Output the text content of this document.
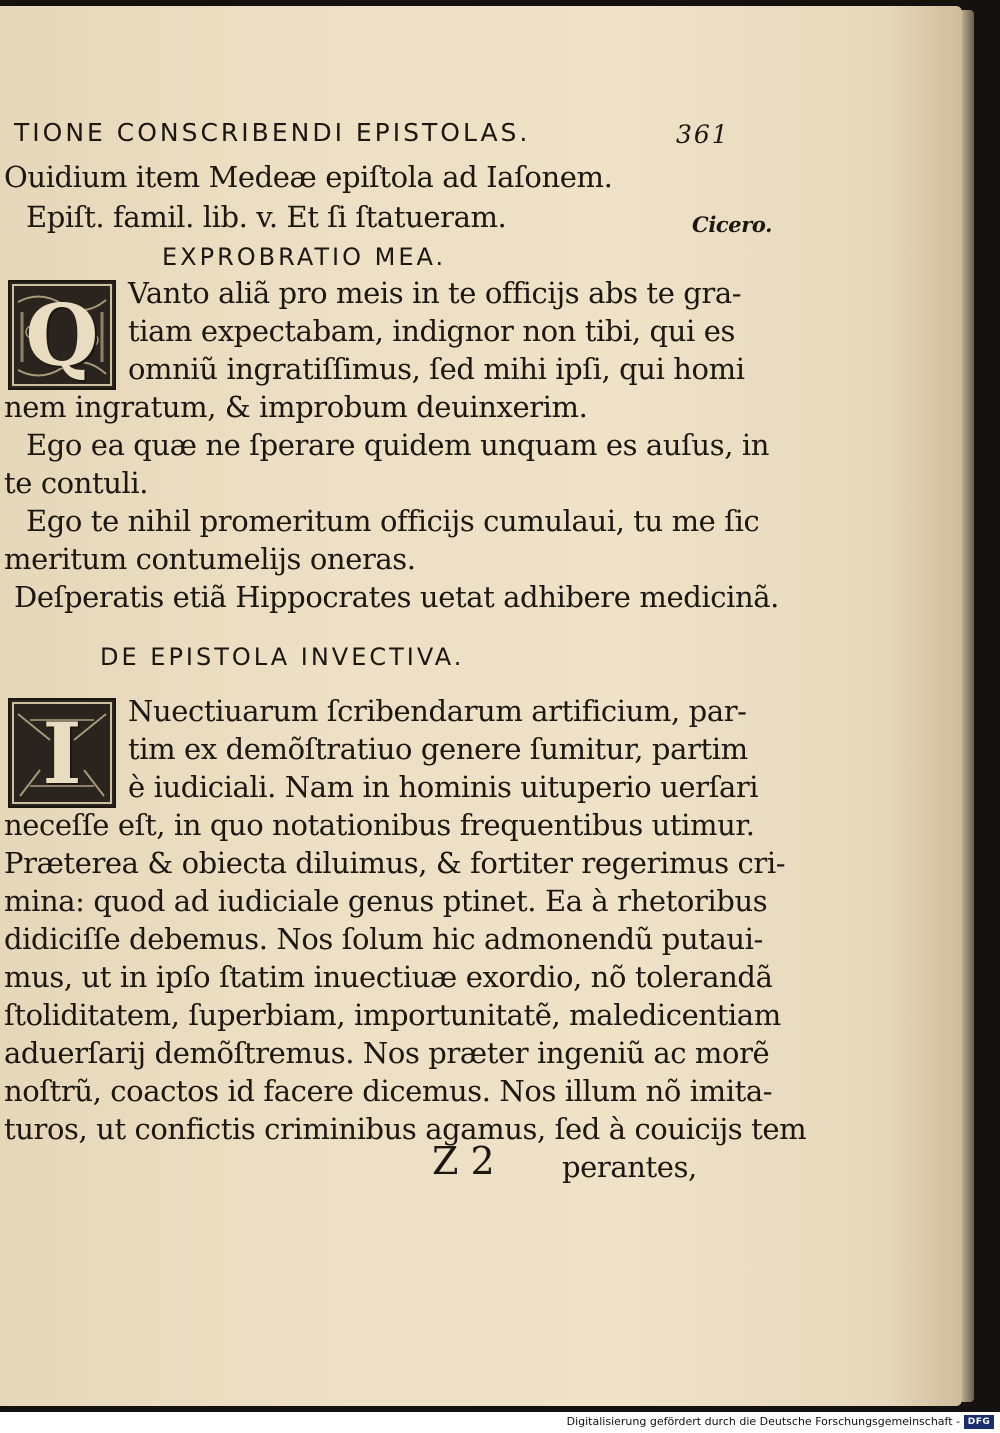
TIONE CONSCRIBENDI EPISTOLAS.	361
Ouidium item Medeæ epiſtola ad Iaſonem.
Epiſt. famil. lib. v. Et ſi ſtatueram.	Cicero.
EXPROBRATIO MEA.
Q	Vanto aliã pro meis in te officijs abs te gra-
tiam expectabam, indignor non tibi, qui es
omniũ ingratiſſimus, ſed mihi ipſi, qui homi
nem ingratum, & improbum deuinxerim.
Ego ea quæ ne ſperare quidem unquam es auſus, in
te contuli.
Ego te nihil promeritum officijs cumulaui, tu me ſic
meritum contumelijs oneras.
Deſperatis etiã Hippocrates uetat adhibere medicinã.
DE EPISTOLA INVECTIVA.
I	Nuectiuarum ſcribendarum artificium, par-
tim ex demõſtratiuo genere ſumitur, partim
è iudiciali. Nam in hominis uituperio uerſari
neceſſe eſt, in quo notationibus frequentibus utimur.
Præterea & obiecta diluimus, & fortiter regerimus cri-
mina: quod ad iudiciale genus ptinet. Ea à rhetoribus
didiciſſe debemus. Nos ſolum hic admonendũ putaui-
mus, ut in ipſo ſtatim inuectiuæ exordio, nõ tolerandã
ſtoliditatem, ſuperbiam, importunitatẽ, maledicentiam
aduerſarij demõſtremus. Nos præter ingeniũ ac morẽ
noſtrũ, coactos id facere dicemus. Nos illum nõ imita-
turos, ut confictis criminibus agamus, ſed à couicijs tem
Z 2 perantes,
Digitalisierung gefördert durch die Deutsche Forschungsgemeinschaft - DFG
